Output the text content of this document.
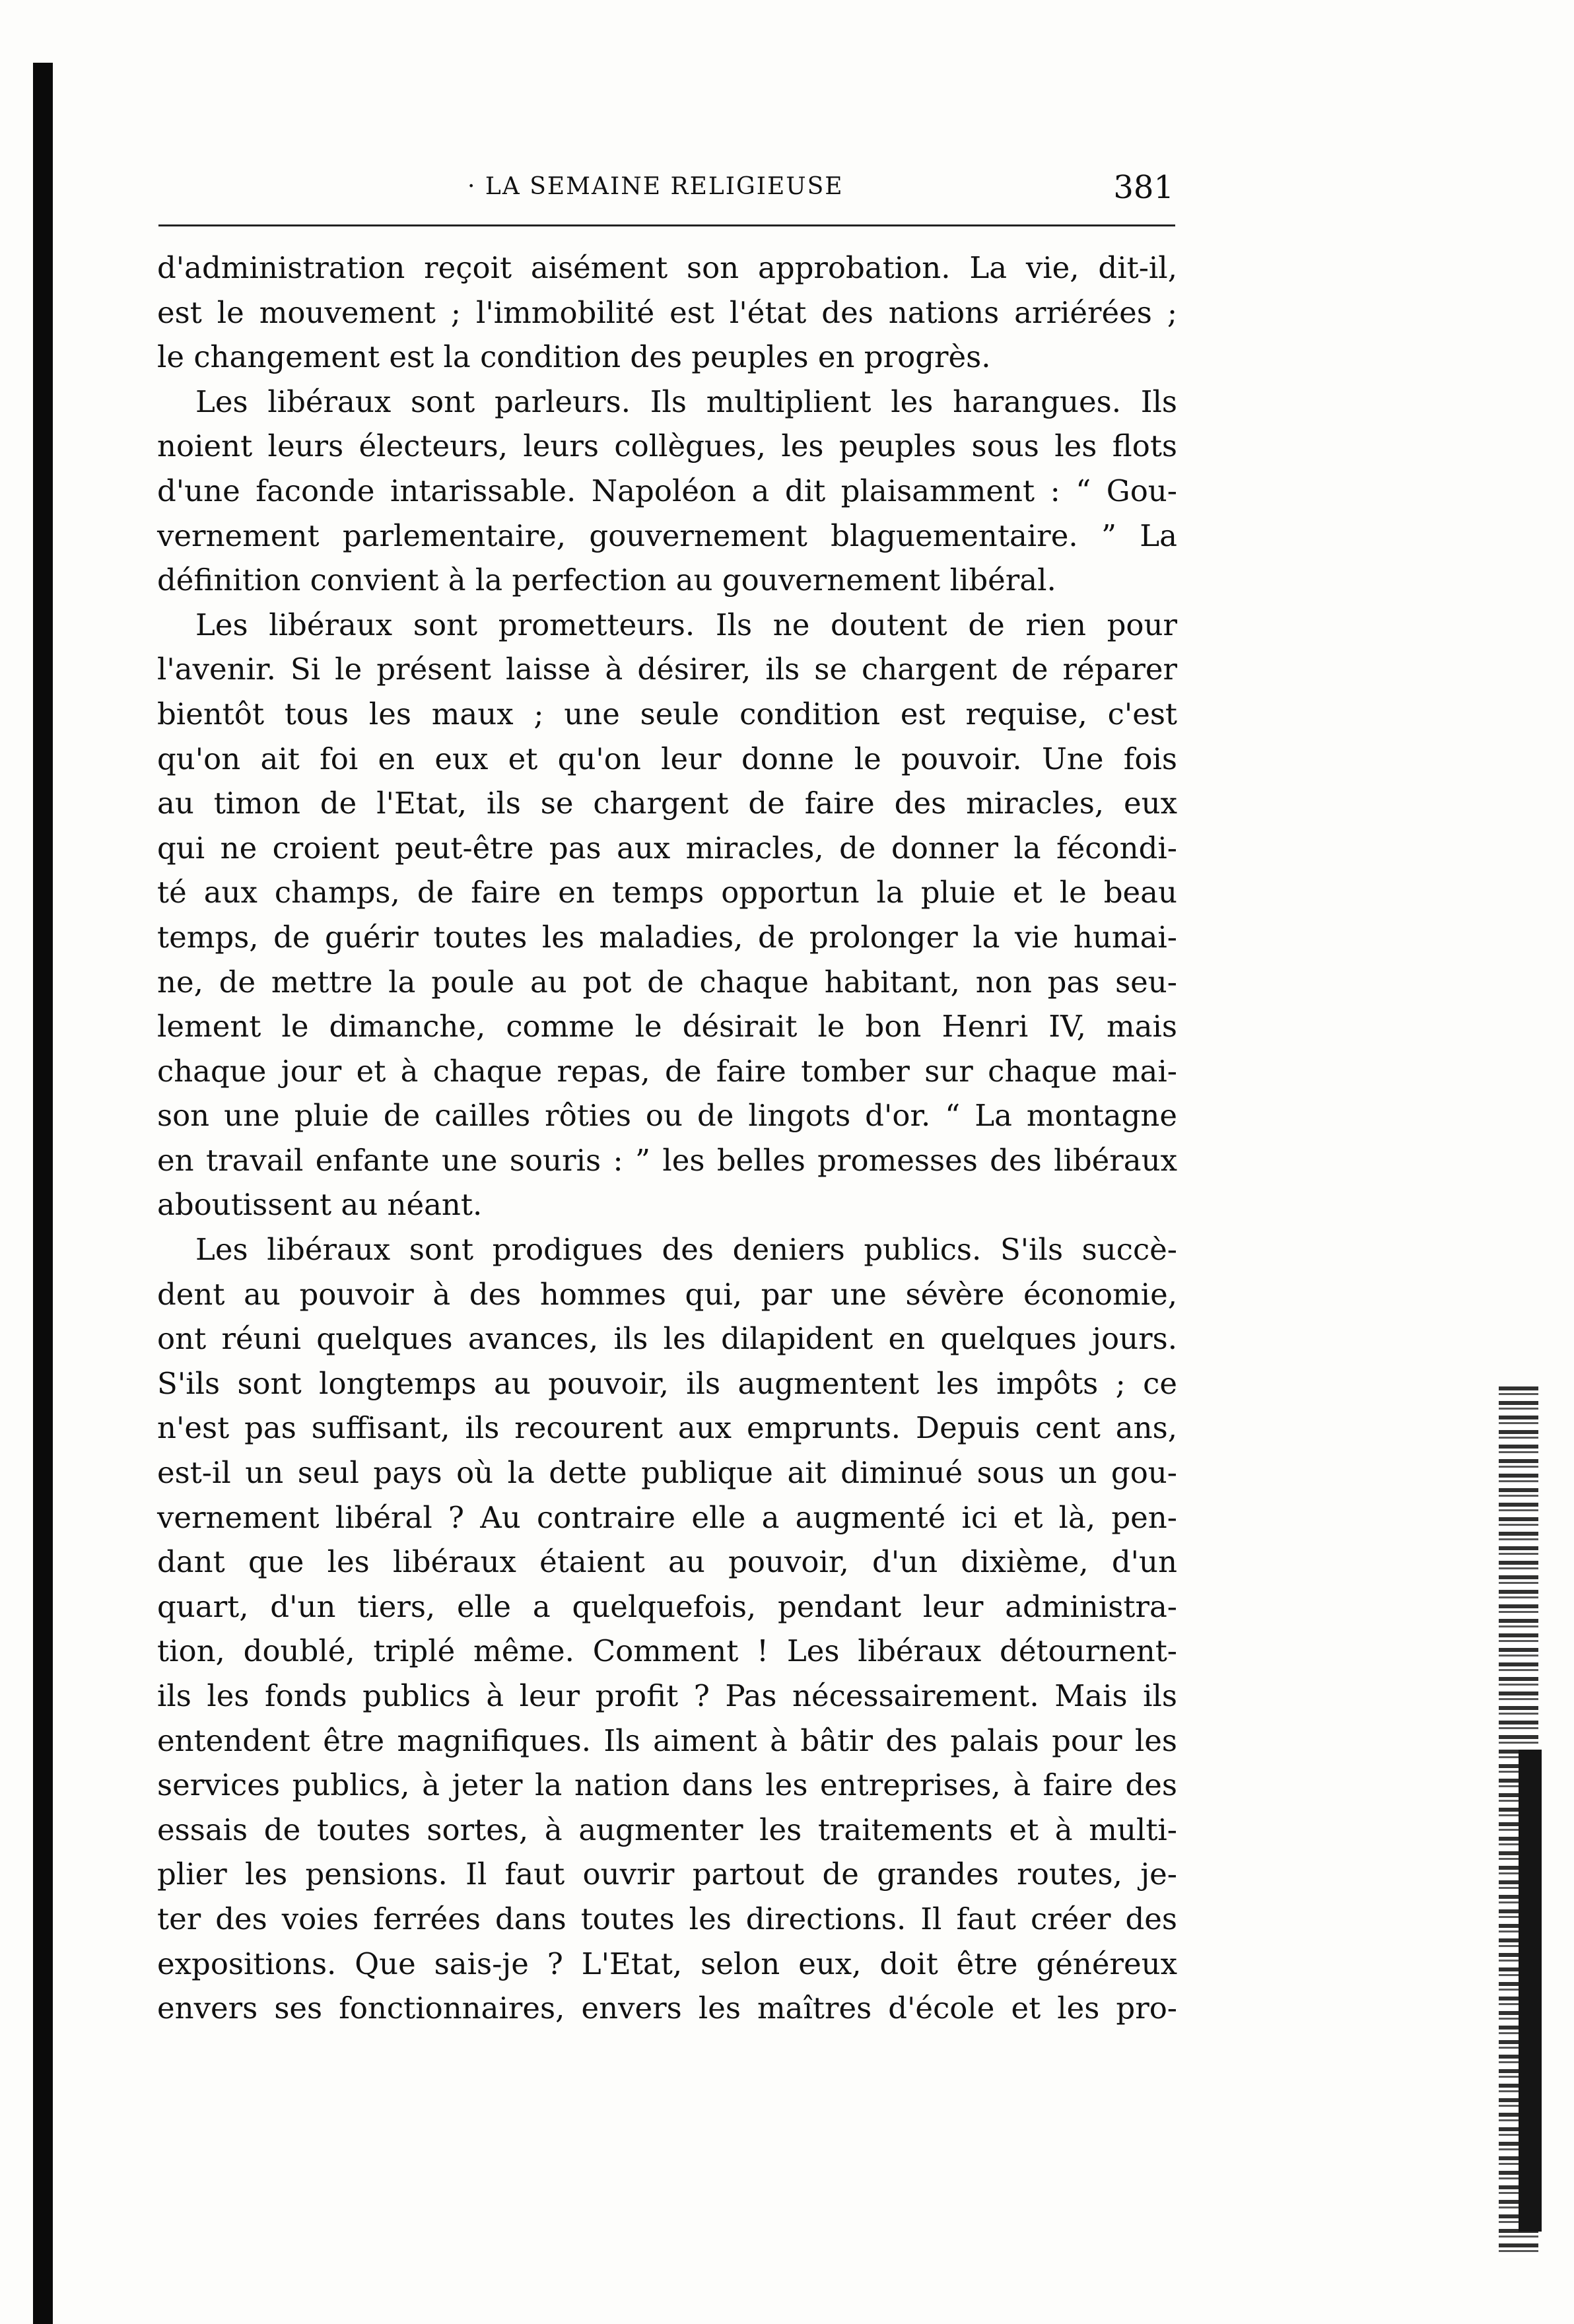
· LA SEMAINE RELIGIEUSE	381
d'administration reçoit aisément son approbation. La vie, dit-il,
est le mouvement ; l'immobilité est l'état des nations arriérées ;
le changement est la condition des peuples en progrès.
Les libéraux sont parleurs. Ils multiplient les harangues. Ils
noient leurs électeurs, leurs collègues, les peuples sous les flots
d'une faconde intarissable. Napoléon a dit plaisamment : “ Gou-
vernement parlementaire, gouvernement blaguementaire. ” La
définition convient à la perfection au gouvernement libéral.
Les libéraux sont prometteurs. Ils ne doutent de rien pour
l'avenir. Si le présent laisse à désirer, ils se chargent de réparer
bientôt tous les maux ; une seule condition est requise, c'est
qu'on ait foi en eux et qu'on leur donne le pouvoir. Une fois
au timon de l'Etat, ils se chargent de faire des miracles, eux
qui ne croient peut-être pas aux miracles, de donner la fécondi-
té aux champs, de faire en temps opportun la pluie et le beau
temps, de guérir toutes les maladies, de prolonger la vie humai-
ne, de mettre la poule au pot de chaque habitant, non pas seu-
lement le dimanche, comme le désirait le bon Henri IV, mais
chaque jour et à chaque repas, de faire tomber sur chaque mai-
son une pluie de cailles rôties ou de lingots d'or. “ La montagne
en travail enfante une souris : ” les belles promesses des libéraux
aboutissent au néant.
Les libéraux sont prodigues des deniers publics. S'ils succè-
dent au pouvoir à des hommes qui, par une sévère économie,
ont réuni quelques avances, ils les dilapident en quelques jours.
S'ils sont longtemps au pouvoir, ils augmentent les impôts ; ce
n'est pas suffisant, ils recourent aux emprunts. Depuis cent ans,
est-il un seul pays où la dette publique ait diminué sous un gou-
vernement libéral ? Au contraire elle a augmenté ici et là, pen-
dant que les libéraux étaient au pouvoir, d'un dixième, d'un
quart, d'un tiers, elle a quelquefois, pendant leur administra-
tion, doublé, triplé même. Comment ! Les libéraux détournent-
ils les fonds publics à leur profit ? Pas nécessairement. Mais ils
entendent être magnifiques. Ils aiment à bâtir des palais pour les
services publics, à jeter la nation dans les entreprises, à faire des
essais de toutes sortes, à augmenter les traitements et à multi-
plier les pensions. Il faut ouvrir partout de grandes routes, je-
ter des voies ferrées dans toutes les directions. Il faut créer des
expositions. Que sais-je ? L'Etat, selon eux, doit être généreux
envers ses fonctionnaires, envers les maîtres d'école et les pro-
